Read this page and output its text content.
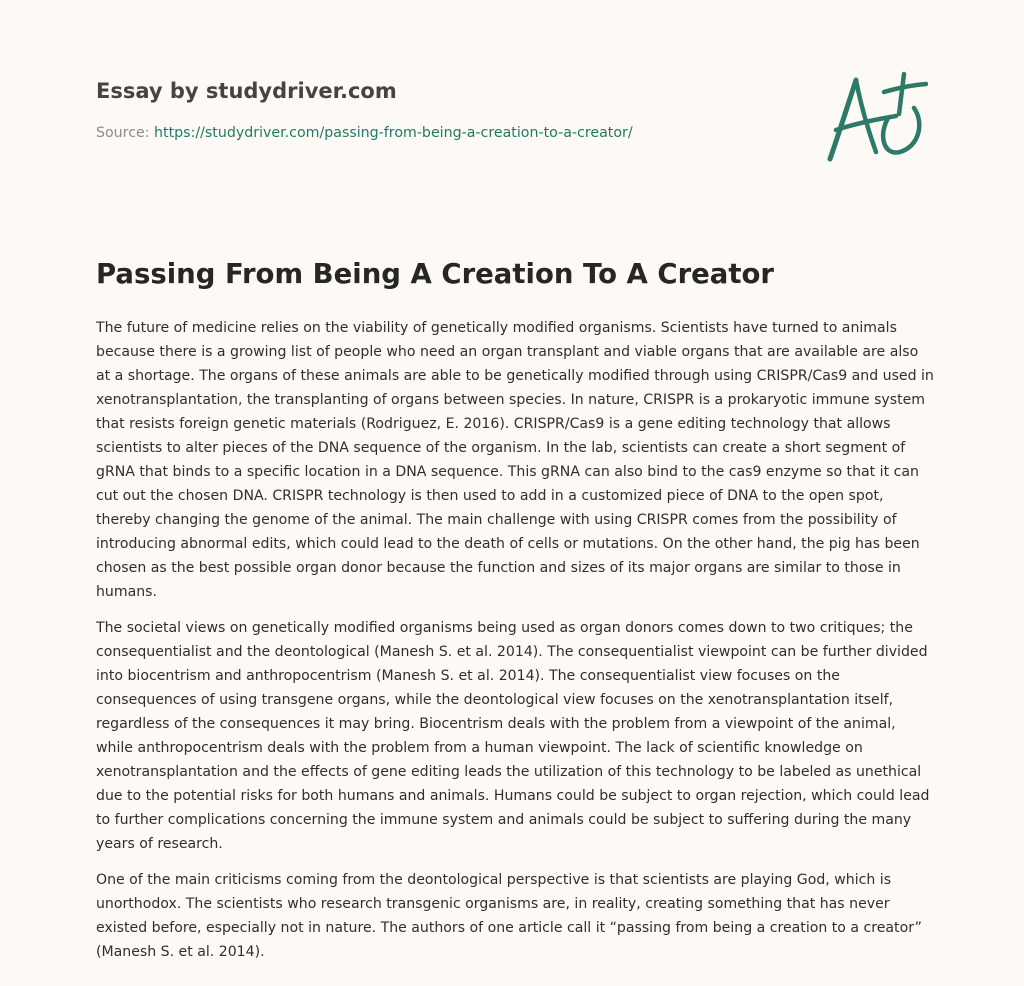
Essay by studydriver.com
Source: https://studydriver.com/passing-from-being-a-creation-to-a-creator/
Passing From Being A Creation To A Creator

The future of medicine relies on the viability of genetically modified organisms. Scientists have turned to animals because there is a growing list of people who need an organ transplant and viable organs that are available are also at a shortage. The organs of these animals are able to be genetically modified through using CRISPR/Cas9 and used in xenotransplantation, the transplanting of organs between species. In nature, CRISPR is a prokaryotic immune system that resists foreign genetic materials (Rodriguez, E. 2016). CRISPR/Cas9 is a gene editing technology that allows scientists to alter pieces of the DNA sequence of the organism. In the lab, scientists can create a short segment of gRNA that binds to a specific location in a DNA sequence. This gRNA can also bind to the cas9 enzyme so that it can cut out the chosen DNA. CRISPR technology is then used to add in a customized piece of DNA to the open spot, thereby changing the genome of the animal. The main challenge with using CRISPR comes from the possibility of introducing abnormal edits, which could lead to the death of cells or mutations. On the other hand, the pig has been chosen as the best possible organ donor because the function and sizes of its major organs are similar to those in humans.

The societal views on genetically modified organisms being used as organ donors comes down to two critiques; the consequentialist and the deontological (Manesh S. et al. 2014). The consequentialist viewpoint can be further divided into biocentrism and anthropocentrism (Manesh S. et al. 2014). The consequentialist view focuses on the consequences of using transgene organs, while the deontological view focuses on the xenotransplantation itself, regardless of the consequences it may bring. Biocentrism deals with the problem from a viewpoint of the animal, while anthropocentrism deals with the problem from a human viewpoint. The lack of scientific knowledge on xenotransplantation and the effects of gene editing leads the utilization of this technology to be labeled as unethical due to the potential risks for both humans and animals. Humans could be subject to organ rejection, which could lead to further complications concerning the immune system and animals could be subject to suffering during the many years of research.

One of the main criticisms coming from the deontological perspective is that scientists are playing God, which is unorthodox. The scientists who research transgenic organisms are, in reality, creating something that has never existed before, especially not in nature. The authors of one article call it “passing from being a creation to a creator” (Manesh S. et al. 2014).
